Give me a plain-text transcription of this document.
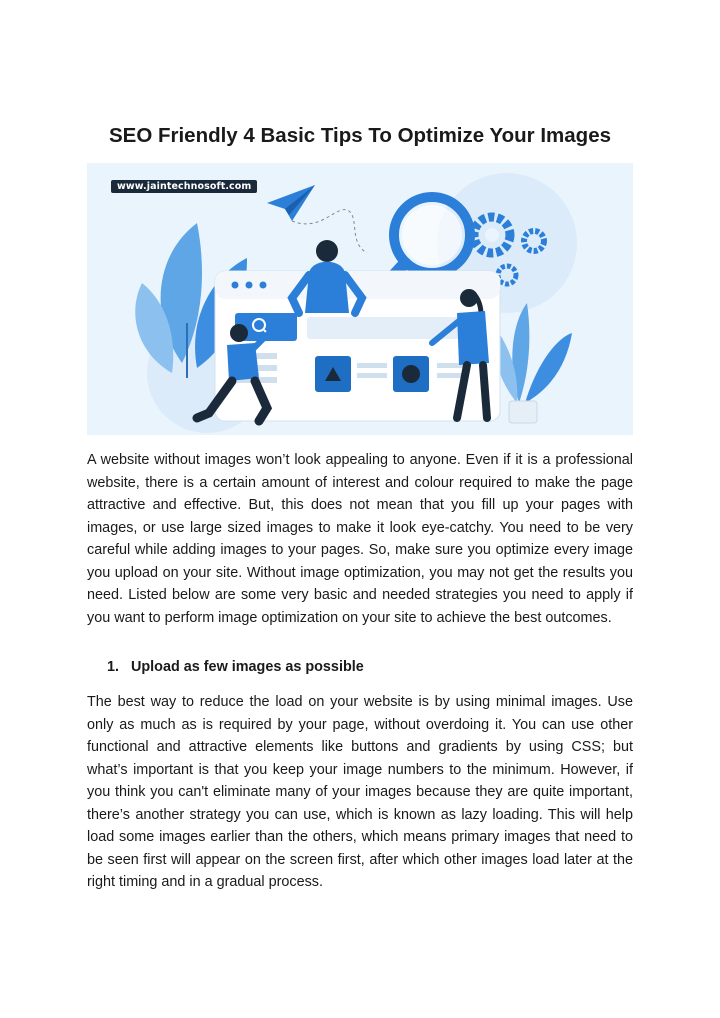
SEO Friendly 4 Basic Tips To Optimize Your Images
www.jaintechnosoft.com

A website without images won’t look appealing to anyone. Even if it is a professional website, there is a certain amount of interest and colour required to make the page attractive and effective. But, this does not mean that you fill up your pages with images, or use large sized images to make it look eye-catchy. You need to be very careful while adding images to your pages. So, make sure you optimize every image you upload on your site. Without image optimization, you may not get the results you need. Listed below are some very basic and needed strategies you need to apply if you want to perform image optimization on your site to achieve the best outcomes.

1. Upload as few images as possible

The best way to reduce the load on your website is by using minimal images. Use only as much as is required by your page, without overdoing it. You can use other functional and attractive elements like buttons and gradients by using CSS; but what’s important is that you keep your image numbers to the minimum. However, if you think you can't eliminate many of your images because they are quite important, there’s another strategy you can use, which is known as lazy loading. This will help load some images earlier than the others, which means primary images that need to be seen first will appear on the screen first, after which other images load later at the right timing and in a gradual process.
